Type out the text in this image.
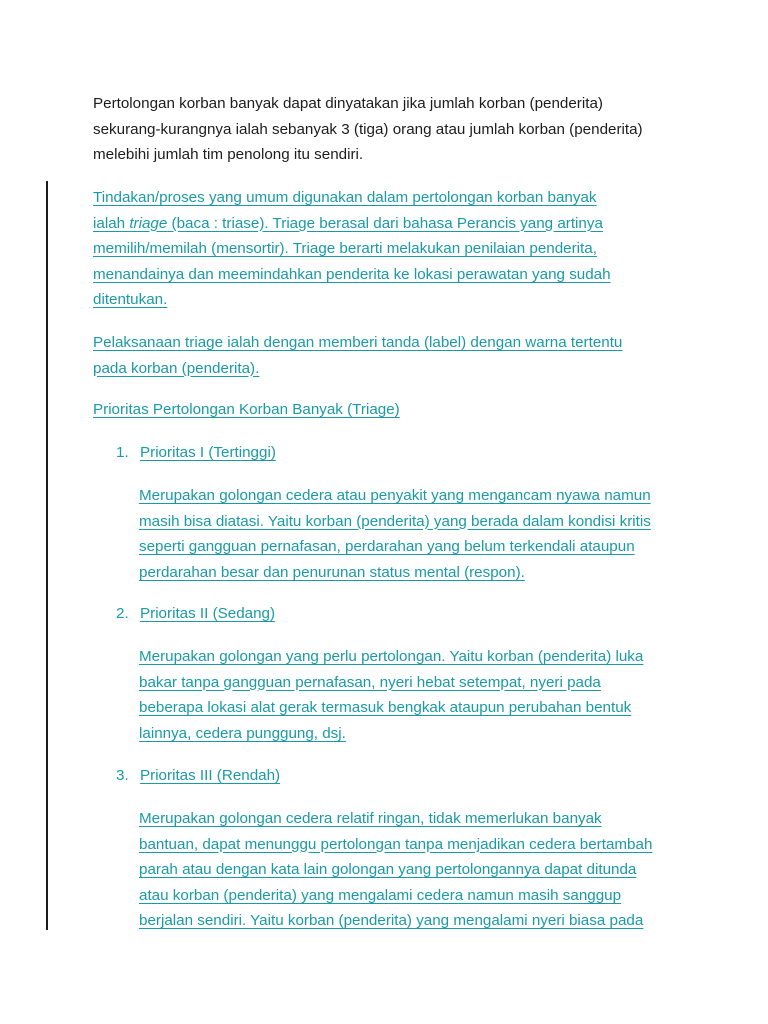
Pertolongan korban banyak dapat dinyatakan jika jumlah korban (penderita)
sekurang-kurangnya ialah sebanyak 3 (tiga) orang atau jumlah korban (penderita)
melebihi jumlah tim penolong itu sendiri.

Tindakan/proses yang umum digunakan dalam pertolongan korban banyak
ialah triage (baca : triase). Triage berasal dari bahasa Perancis yang artinya
memilih/memilah (mensortir). Triage berarti melakukan penilaian penderita,
menandainya dan meemindahkan penderita ke lokasi perawatan yang sudah
ditentukan.

Pelaksanaan triage ialah dengan memberi tanda (label) dengan warna tertentu
pada korban (penderita).

Prioritas Pertolongan Korban Banyak (Triage)

1. Prioritas I (Tertinggi)

Merupakan golongan cedera atau penyakit yang mengancam nyawa namun
masih bisa diatasi. Yaitu korban (penderita) yang berada dalam kondisi kritis
seperti gangguan pernafasan, perdarahan yang belum terkendali ataupun
perdarahan besar dan penurunan status mental (respon).

2. Prioritas II (Sedang)

Merupakan golongan yang perlu pertolongan. Yaitu korban (penderita) luka
bakar tanpa gangguan pernafasan, nyeri hebat setempat, nyeri pada
beberapa lokasi alat gerak termasuk bengkak ataupun perubahan bentuk
lainnya, cedera punggung, dsj.

3. Prioritas III (Rendah)

Merupakan golongan cedera relatif ringan, tidak memerlukan banyak
bantuan, dapat menunggu pertolongan tanpa menjadikan cedera bertambah
parah atau dengan kata lain golongan yang pertolongannya dapat ditunda
atau korban (penderita) yang mengalami cedera namun masih sanggup
berjalan sendiri. Yaitu korban (penderita) yang mengalami nyeri biasa pada
